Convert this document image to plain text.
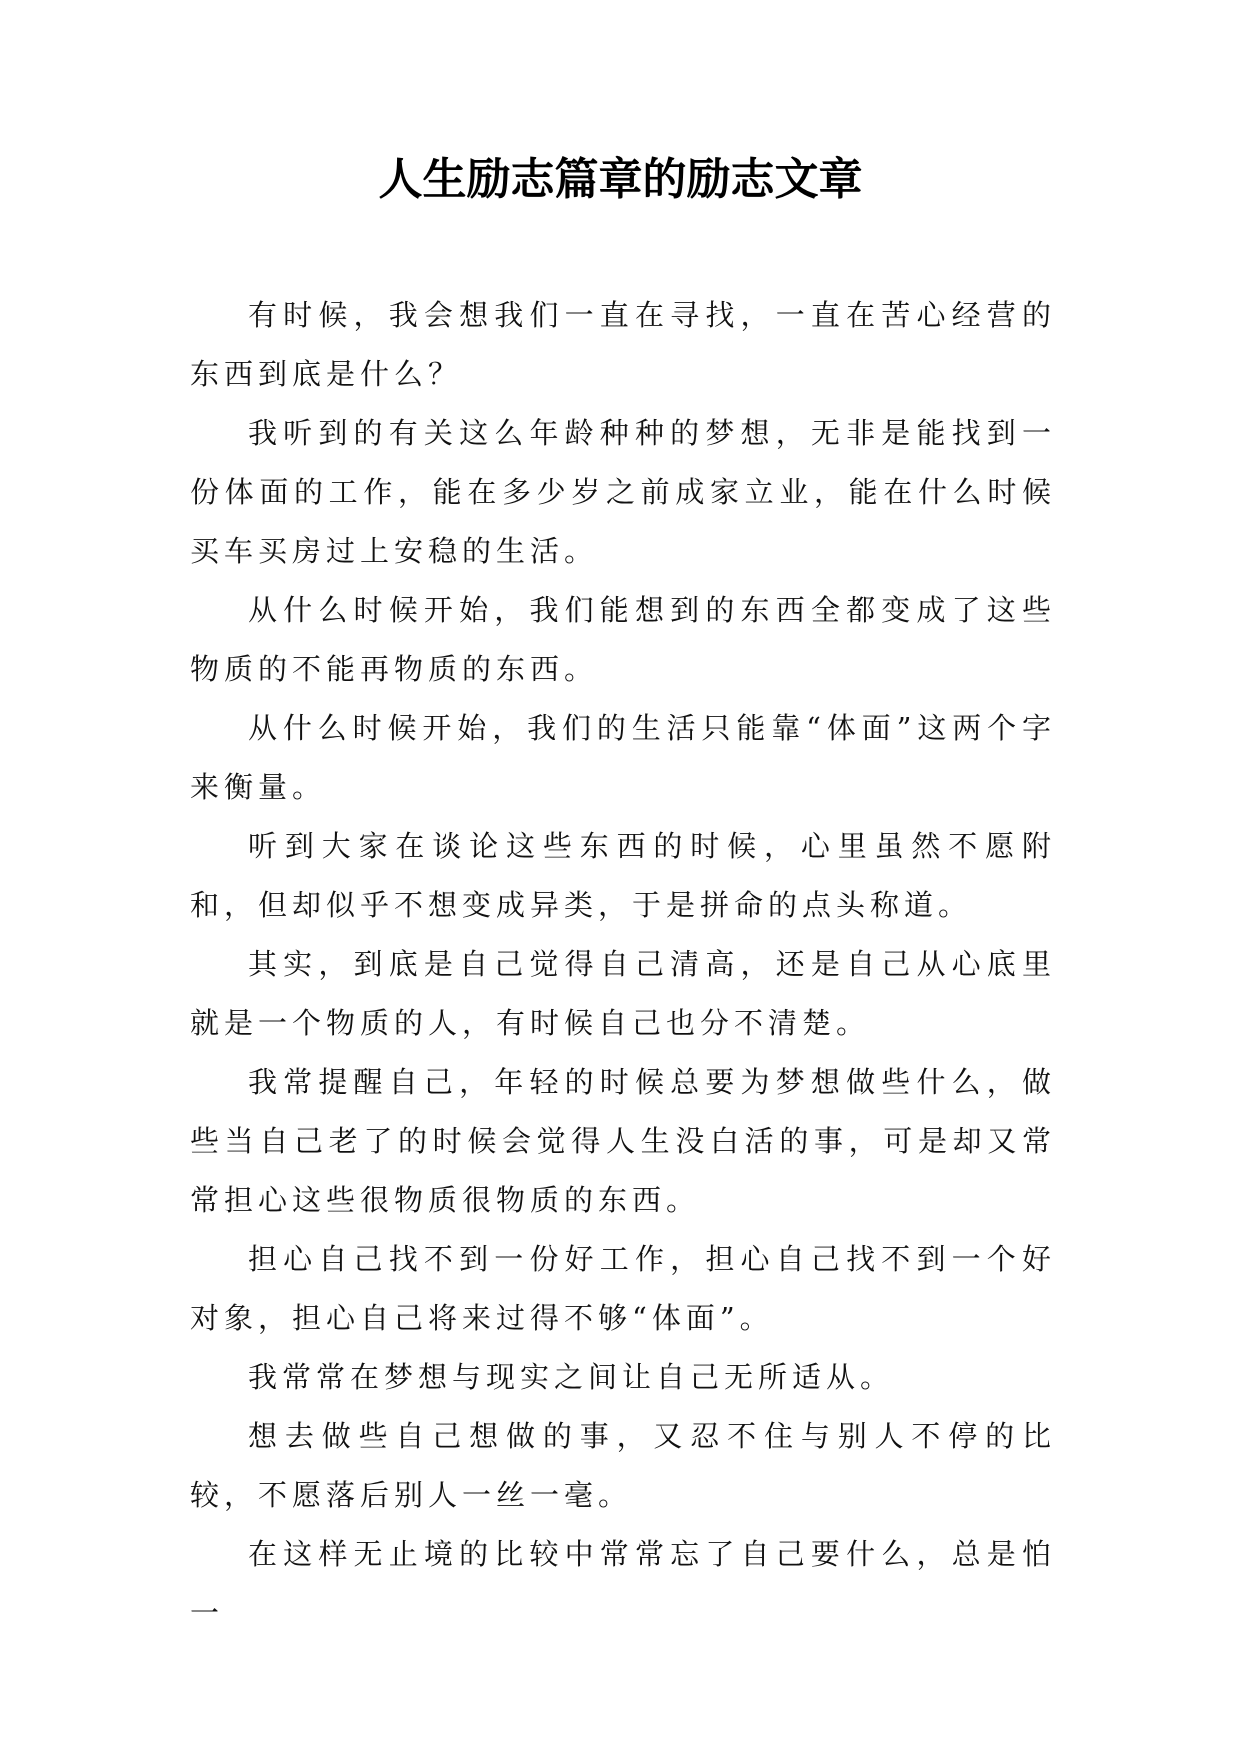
人生励志篇章的励志文章

有时候，我会想我们一直在寻找，一直在苦心经营的东西到底是什么？

我听到的有关这么年龄种种的梦想，无非是能找到一份体面的工作，能在多少岁之前成家立业，能在什么时候买车买房过上安稳的生活。

从什么时候开始，我们能想到的东西全都变成了这些物质的不能再物质的东西。

从什么时候开始，我们的生活只能靠“体面”这两个字来衡量。

听到大家在谈论这些东西的时候，心里虽然不愿附和，但却似乎不想变成异类，于是拼命的点头称道。

其实，到底是自己觉得自己清高，还是自己从心底里就是一个物质的人，有时候自己也分不清楚。

我常提醒自己，年轻的时候总要为梦想做些什么，做些当自己老了的时候会觉得人生没白活的事，可是却又常常担心这些很物质很物质的东西。

担心自己找不到一份好工作，担心自己找不到一个好对象，担心自己将来过得不够“体面”。

我常常在梦想与现实之间让自己无所适从。

想去做些自己想做的事，又忍不住与别人不停的比较，不愿落后别人一丝一毫。

在这样无止境的比较中常常忘了自己要什么，总是怕一
